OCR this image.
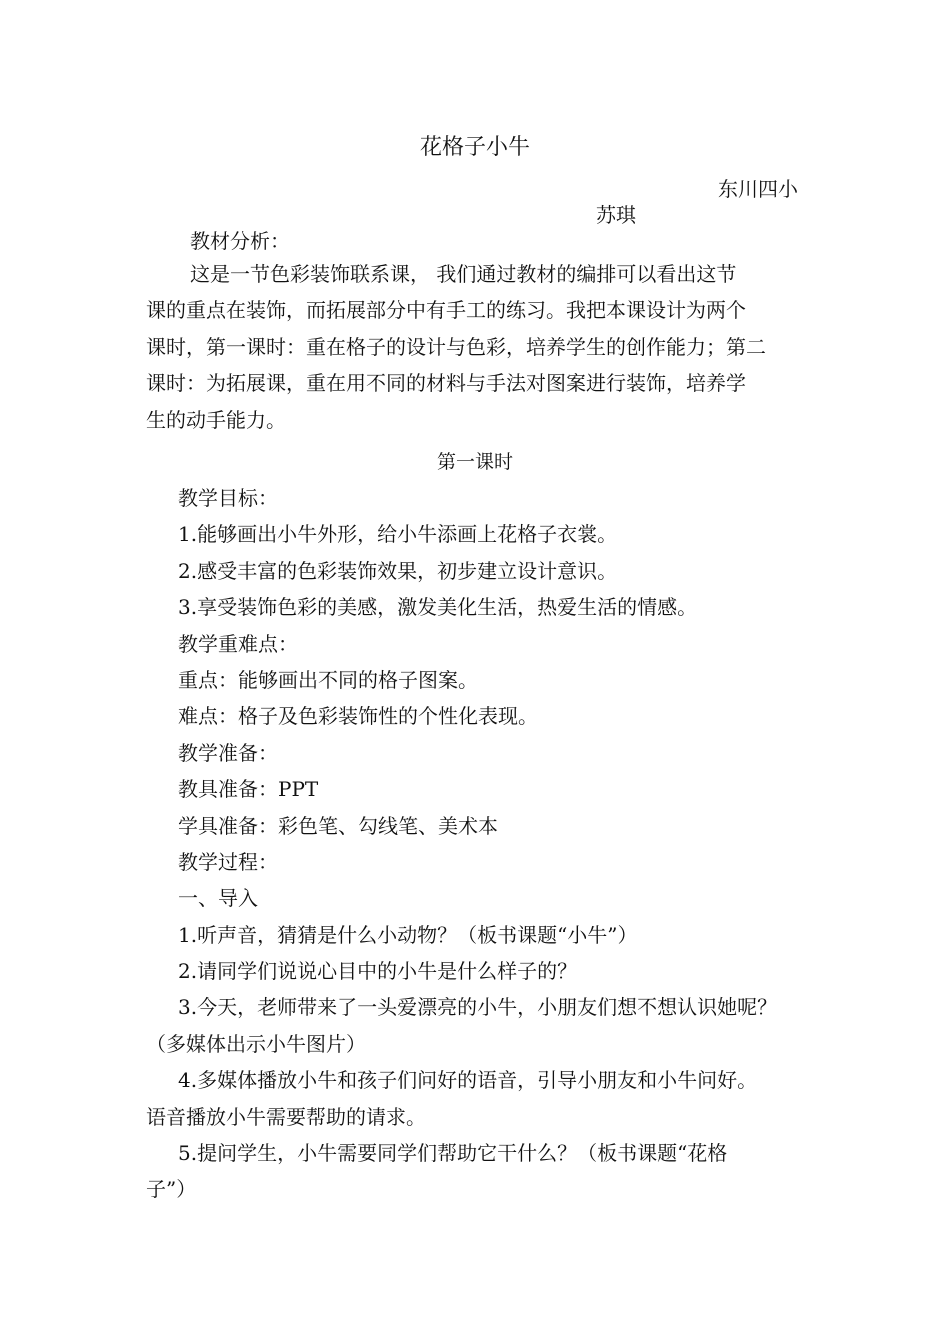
花格子小牛
东川四小
苏琪
教材分析：
这是一节色彩装饰联系课， 我们通过教材的编排可以看出这节
课的重点在装饰，而拓展部分中有手工的练习。我把本课设计为两个
课时，第一课时：重在格子的设计与色彩，培养学生的创作能力；第二
课时：为拓展课，重在用不同的材料与手法对图案进行装饰，培养学
生的动手能力。
第一课时
教学目标：
1.能够画出小牛外形，给小牛添画上花格子衣裳。
2.感受丰富的色彩装饰效果，初步建立设计意识。
3.享受装饰色彩的美感，激发美化生活，热爱生活的情感。
教学重难点：
重点：能够画出不同的格子图案。
难点：格子及色彩装饰性的个性化表现。
教学准备：
教具准备：PPT
学具准备：彩色笔、勾线笔、美术本
教学过程：
一、导入
1.听声音，猜猜是什么小动物？（板书课题“小牛”）
2.请同学们说说心目中的小牛是什么样子的？
3.今天，老师带来了一头爱漂亮的小牛，小朋友们想不想认识她呢？
（多媒体出示小牛图片）
4.多媒体播放小牛和孩子们问好的语音，引导小朋友和小牛问好。
语音播放小牛需要帮助的请求。
5.提问学生，小牛需要同学们帮助它干什么？（板书课题“花格
子”）
